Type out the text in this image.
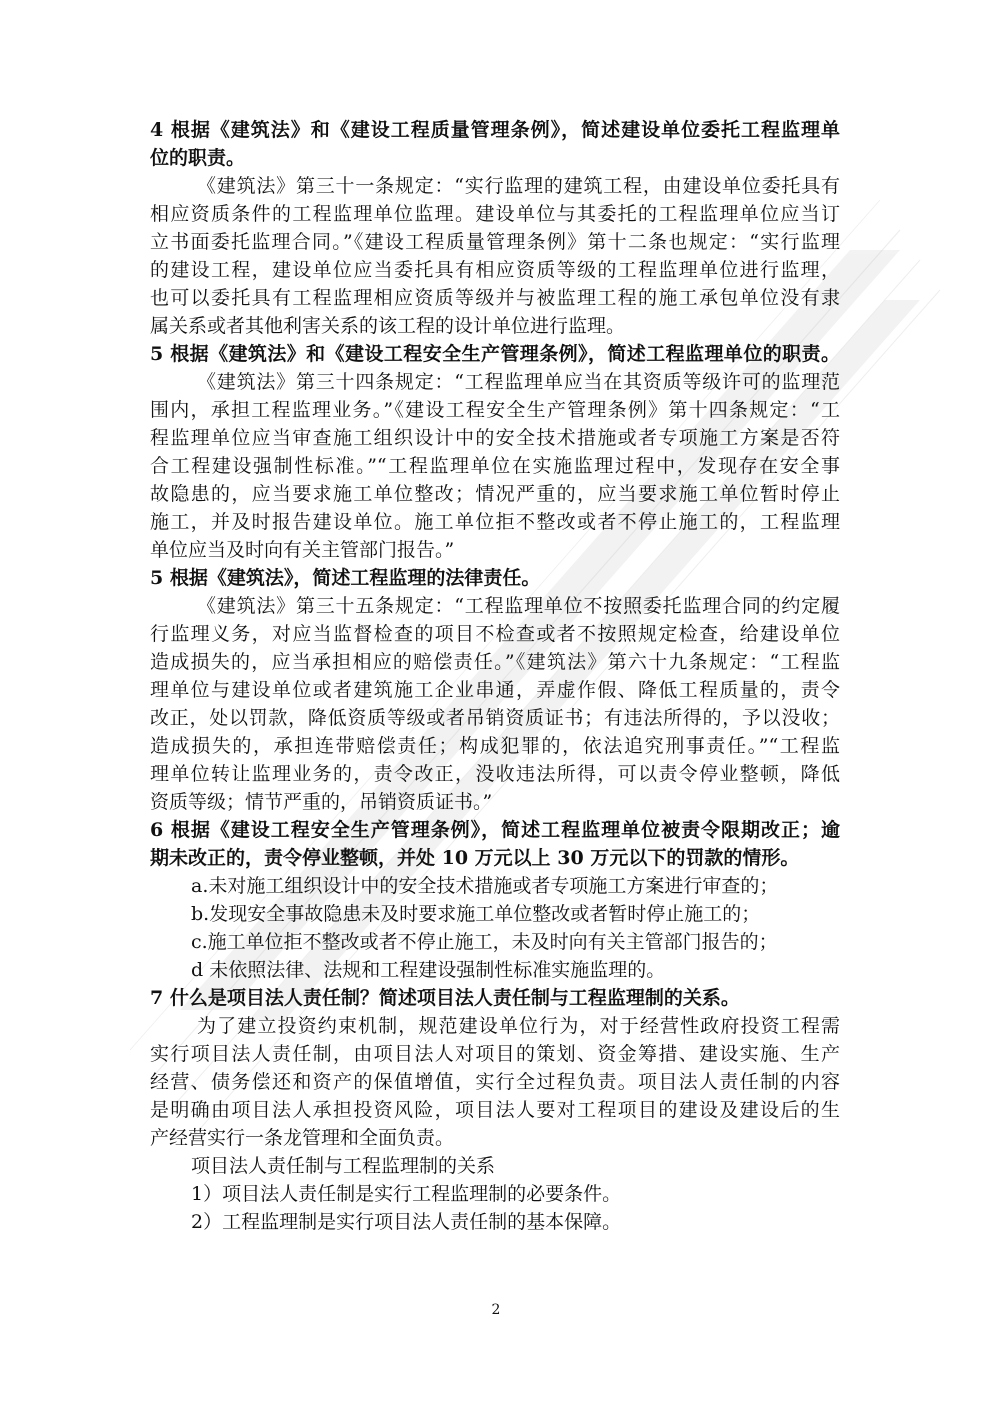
4 根据《建筑法》和《建设工程质量管理条例》，简述建设单位委托工程监理单
位的职责。
《建筑法》第三十一条规定：“实行监理的建筑工程，由建设单位委托具有
相应资质条件的工程监理单位监理。建设单位与其委托的工程监理单位应当订
立书面委托监理合同。”《建设工程质量管理条例》第十二条也规定：“实行监理
的建设工程，建设单位应当委托具有相应资质等级的工程监理单位进行监理，
也可以委托具有工程监理相应资质等级并与被监理工程的施工承包单位没有隶
属关系或者其他利害关系的该工程的设计单位进行监理。
5 根据《建筑法》和《建设工程安全生产管理条例》，简述工程监理单位的职责。
《建筑法》第三十四条规定：“工程监理单应当在其资质等级许可的监理范
围内，承担工程监理业务。”《建设工程安全生产管理条例》第十四条规定：“工
程监理单位应当审查施工组织设计中的安全技术措施或者专项施工方案是否符
合工程建设强制性标准。”“工程监理单位在实施监理过程中，发现存在安全事
故隐患的，应当要求施工单位整改；情况严重的，应当要求施工单位暂时停止
施工，并及时报告建设单位。施工单位拒不整改或者不停止施工的，工程监理
单位应当及时向有关主管部门报告。”
5 根据《建筑法》，简述工程监理的法律责任。
《建筑法》第三十五条规定：“工程监理单位不按照委托监理合同的约定履
行监理义务，对应当监督检查的项目不检查或者不按照规定检查，给建设单位
造成损失的，应当承担相应的赔偿责任。”《建筑法》第六十九条规定：“工程监
理单位与建设单位或者建筑施工企业串通，弄虚作假、降低工程质量的，责令
改正，处以罚款，降低资质等级或者吊销资质证书；有违法所得的，予以没收；
造成损失的，承担连带赔偿责任；构成犯罪的，依法追究刑事责任。”“工程监
理单位转让监理业务的，责令改正，没收违法所得，可以责令停业整顿，降低
资质等级；情节严重的，吊销资质证书。”
6 根据《建设工程安全生产管理条例》，简述工程监理单位被责令限期改正；逾
期未改正的，责令停业整顿，并处 10 万元以上 30 万元以下的罚款的情形。
a.未对施工组织设计中的安全技术措施或者专项施工方案进行审查的；
b.发现安全事故隐患未及时要求施工单位整改或者暂时停止施工的；
c.施工单位拒不整改或者不停止施工，未及时向有关主管部门报告的；
d 未依照法律、法规和工程建设强制性标准实施监理的。
7 什么是项目法人责任制？简述项目法人责任制与工程监理制的关系。
为了建立投资约束机制，规范建设单位行为，对于经营性政府投资工程需
实行项目法人责任制，由项目法人对项目的策划、资金筹措、建设实施、生产
经营、债务偿还和资产的保值增值，实行全过程负责。项目法人责任制的内容
是明确由项目法人承担投资风险，项目法人要对工程项目的建设及建设后的生
产经营实行一条龙管理和全面负责。
项目法人责任制与工程监理制的关系
1）项目法人责任制是实行工程监理制的必要条件。
2）工程监理制是实行项目法人责任制的基本保障。
2
